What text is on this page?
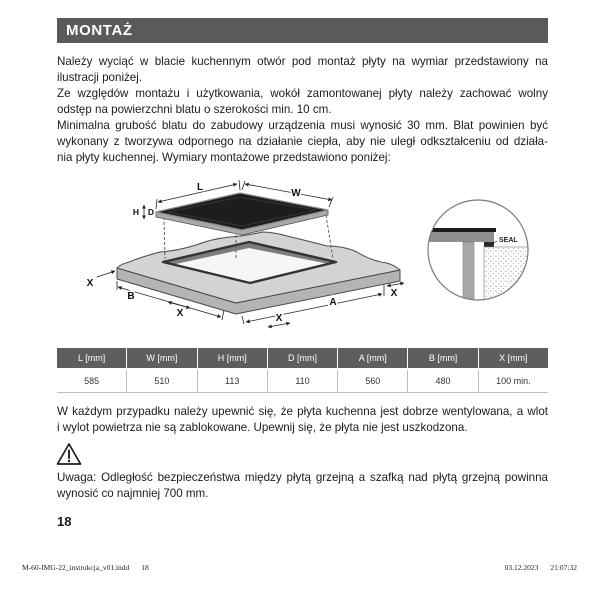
MONTAŻ
Należy wyciąć w blacie kuchennym otwór pod montaż płyty na wymiar przedstawiony na
ilustracji poniżej.
Ze względów montażu i użytkowania, wokół zamontowanej płyty należy zachować wolny
odstęp na powierzchni blatu o szerokości min. 10 cm.
Minimalna grubość blatu do zabudowy urządzenia musi wynosić 30 mm. Blat powinien być
wykonany z tworzywa odpornego na działanie ciepła, aby nie uległ odkształceniu od działa-
nia płyty kuchennej. Wymiary montażowe przedstawiono poniżej:
L
W
H D
X
B
X
A
X
X
SEAL
L [mm]	W [mm]	H [mm]	D [mm]	A [mm]	B [mm]	X [mm]
585	510	113	110	560	480	100 min.
W każdym przypadku należy upewnić się, że płyta kuchenna jest dobrze wentylowana, a wlot
i wylot powietrza nie są zablokowane. Upewnij się, że płyta nie jest uszkodzona.
Uwaga: Odległość bezpieczeństwa między płytą grzejną a szafką nad płytą grzejną powinna
wynosić co najmniej 700 mm.
18
M-60-IMG-22_instrukcja_v01.indd 18	03.12.2023 21:07:32
